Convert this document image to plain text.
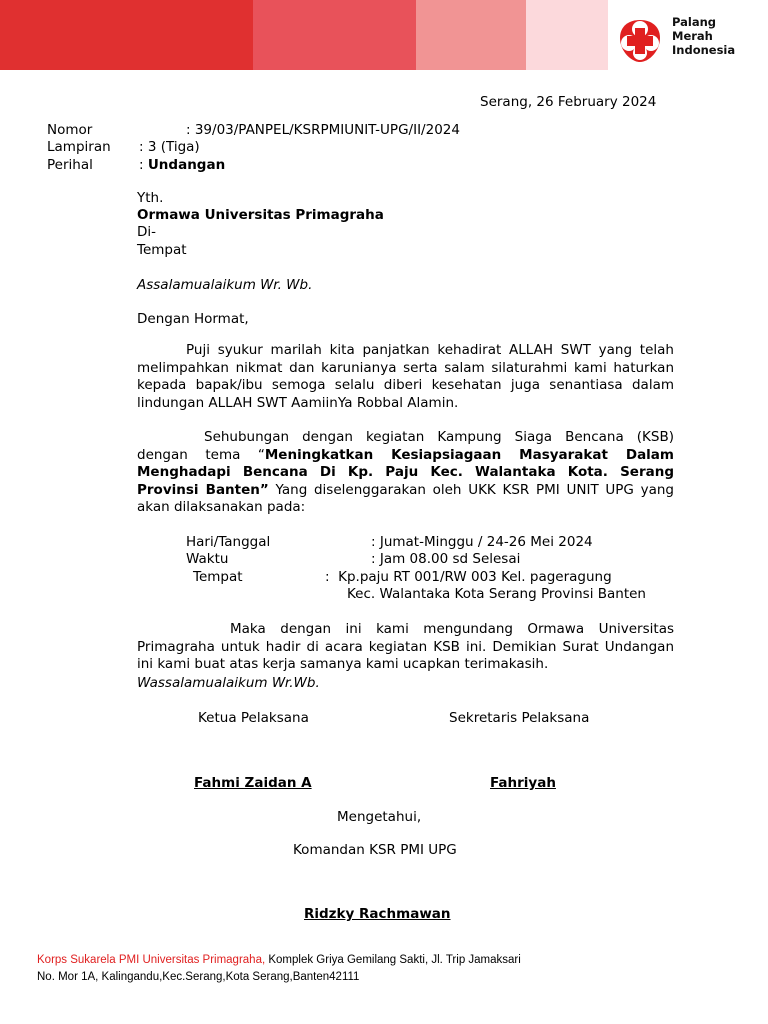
Palang
Merah
Indonesia
Serang, 26 February 2024
Nomor	: 39/03/PANPEL/KSRPMIUNIT-UPG/II/2024
Lampiran : 3 (Tiga)
Perihal	: Undangan
Yth.
Ormawa Universitas Primagraha
Di-
Tempat
Assalamualaikum Wr. Wb.
Dengan Hormat,
Puji syukur marilah kita panjatkan kehadirat ALLAH SWT yang telah melimpahkan nikmat dan karunianya serta salam silaturahmi kami haturkan kepada bapak/ibu semoga selalu diberi kesehatan juga senantiasa dalam lindungan ALLAH SWT AamiinYa Robbal Alamin.
Sehubungan dengan kegiatan Kampung Siaga Bencana (KSB) dengan tema “Meningkatkan Kesiapsiagaan Masyarakat Dalam Menghadapi Bencana Di Kp. Paju Kec. Walantaka Kota. Serang Provinsi Banten” Yang diselenggarakan oleh UKK KSR PMI UNIT UPG yang akan dilaksanakan pada:
Hari/Tanggal	: Jumat-Minggu / 24-26 Mei 2024
Waktu	: Jam 08.00 sd Selesai
Tempat	:  Kp.paju RT 001/RW 003 Kel. pageragung
Kec. Walantaka Kota Serang Provinsi Banten
Maka dengan ini kami mengundang Ormawa Universitas Primagraha untuk hadir di acara kegiatan KSB ini. Demikian Surat Undangan ini kami buat atas kerja samanya kami ucapkan terimakasih.
Wassalamualaikum Wr.Wb.
Ketua Pelaksana	Sekretaris Pelaksana
Fahmi Zaidan A	Fahriyah
Mengetahui,
Komandan KSR PMI UPG
Ridzky Rachmawan
Korps Sukarela PMI Universitas Primagraha, Komplek Griya Gemilang Sakti, Jl. Trip Jamaksari
No. Mor 1A, Kalingandu,Kec.Serang,Kota Serang,Banten42111
